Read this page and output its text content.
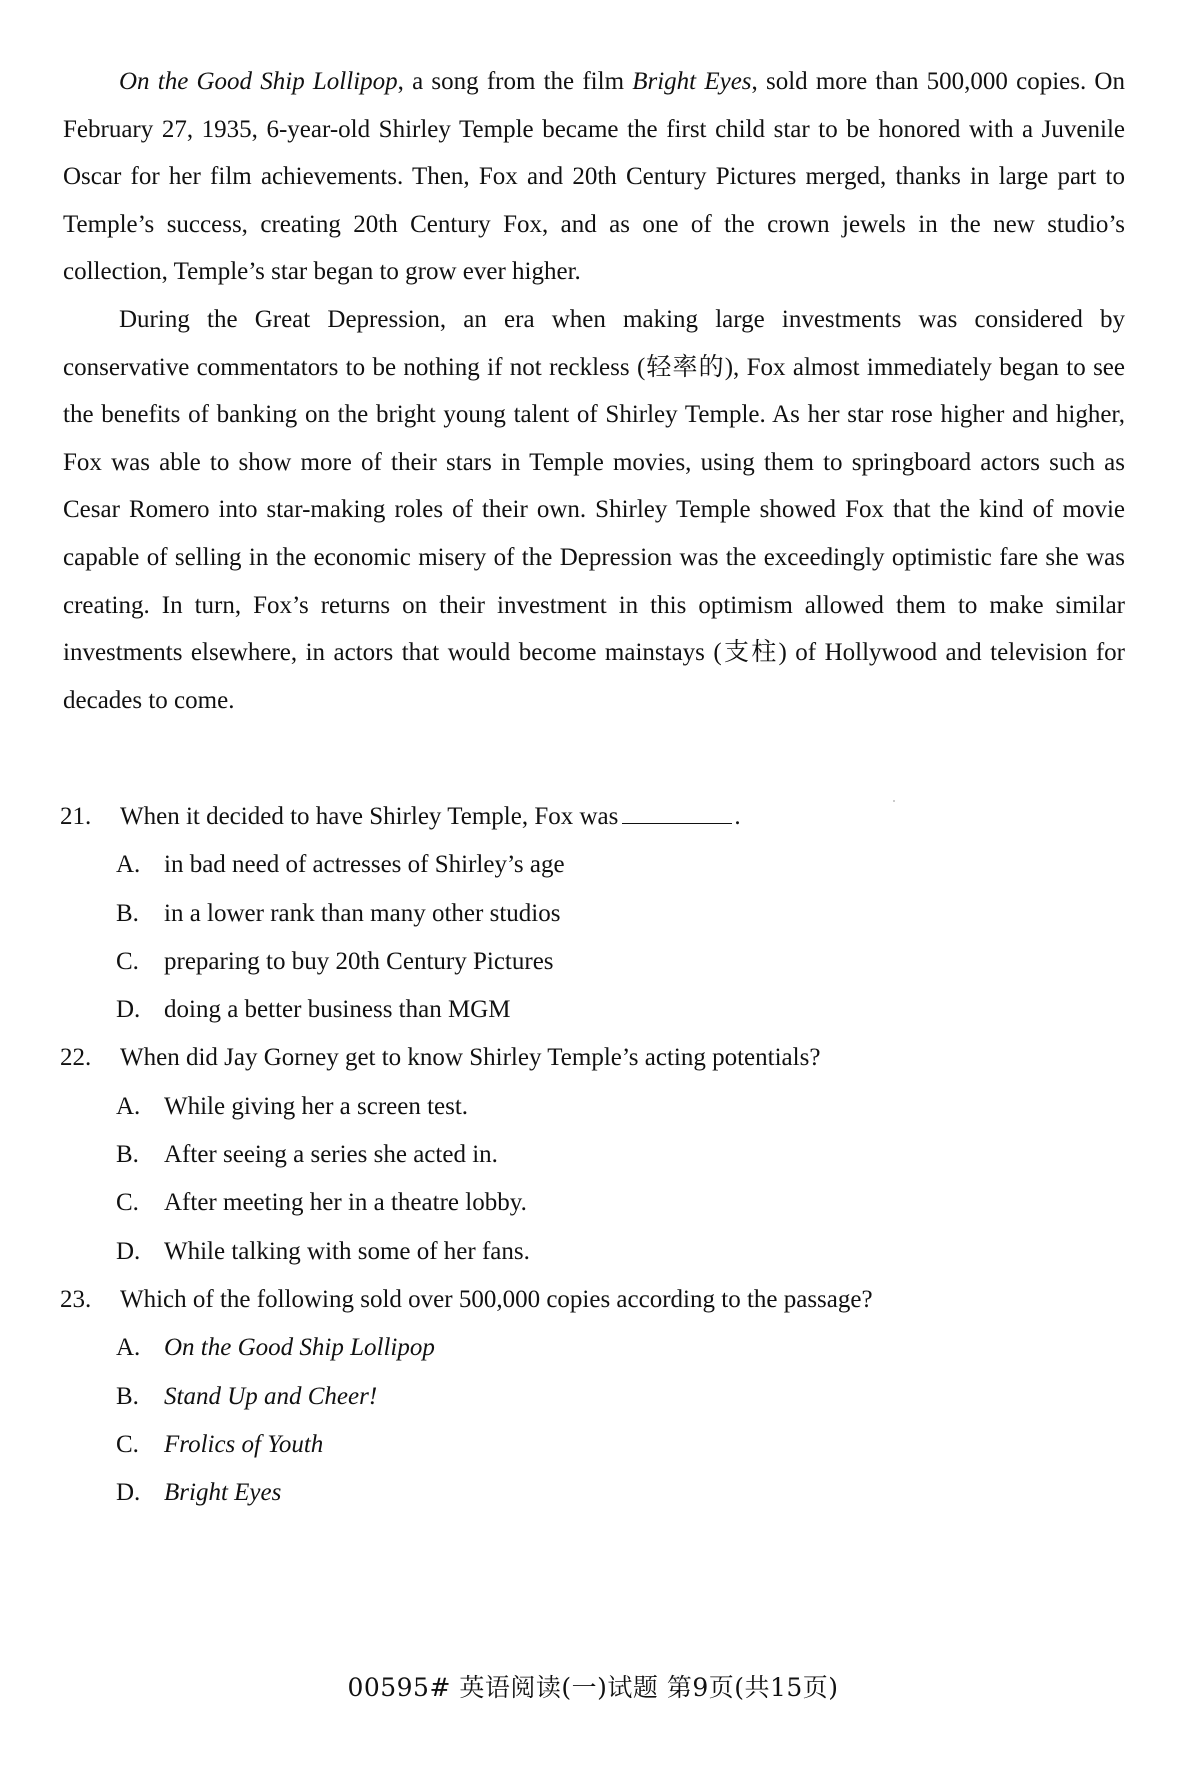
On the Good Ship Lollipop, a song from the film Bright Eyes, sold more than 500,000 copies. On February 27, 1935, 6-year-old Shirley Temple became the first child star to be honored with a Juvenile Oscar for her film achievements. Then, Fox and 20th Century Pictures merged, thanks in large part to Temple’s success, creating 20th Century Fox, and as one of the crown jewels in the new studio’s collection, Temple’s star began to grow ever higher.

During the Great Depression, an era when making large investments was considered by conservative commentators to be nothing if not reckless (轻率的), Fox almost immediately began to see the benefits of banking on the bright young talent of Shirley Temple. As her star rose higher and higher, Fox was able to show more of their stars in Temple movies, using them to springboard actors such as Cesar Romero into star-making roles of their own. Shirley Temple showed Fox that the kind of movie capable of selling in the economic misery of the Depression was the exceedingly optimistic fare she was creating. In turn, Fox’s returns on their investment in this optimism allowed them to make similar investments elsewhere, in actors that would become mainstays (支柱) of Hollywood and television for decades to come.

21. When it decided to have Shirley Temple, Fox was	.
A. in bad need of actresses of Shirley’s age
B. in a lower rank than many other studios
C. preparing to buy 20th Century Pictures
D. doing a better business than MGM
22. When did Jay Gorney get to know Shirley Temple’s acting potentials?
A. While giving her a screen test.
B. After seeing a series she acted in.
C. After meeting her in a theatre lobby.
D. While talking with some of her fans.
23. Which of the following sold over 500,000 copies according to the passage?
A. On the Good Ship Lollipop
B. Stand Up and Cheer!
C. Frolics of Youth
D. Bright Eyes
00595# 英语阅读(一)试题 第9页(共15页)
